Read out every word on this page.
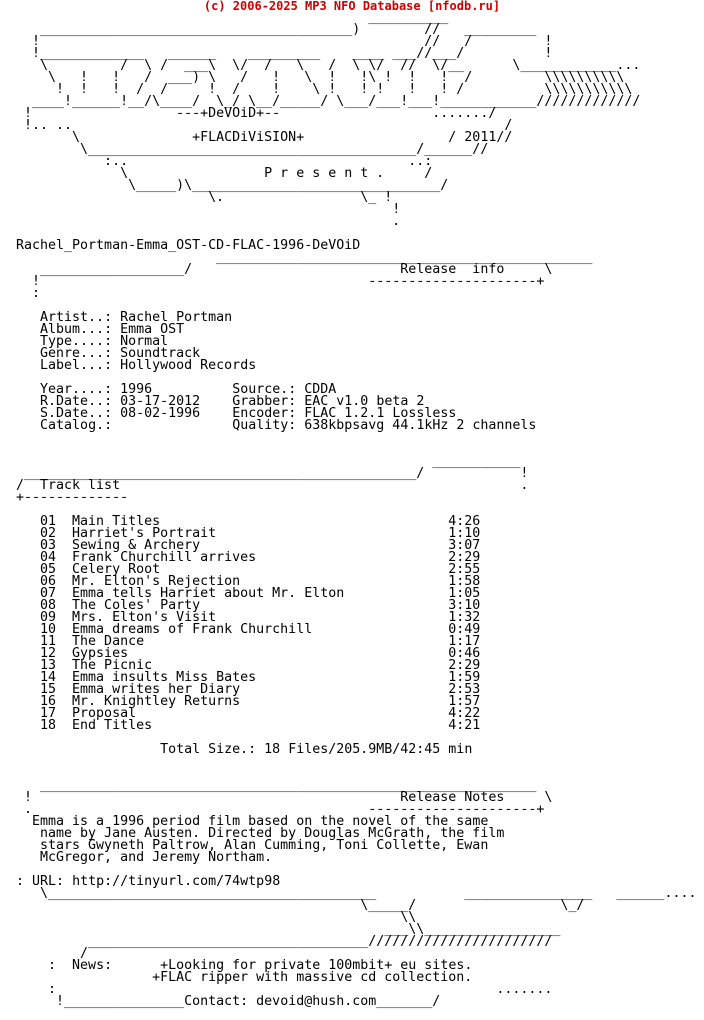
(c) 2006-2025 MP3 NFO Database [nfodb.ru]
__________
_______________________________________)        //   _________
!                                                //   /         !
!_____________   ______    _________    ____ ___//___/          !
\         /  \ /  ___\  \/  /   \   /  \ \/  //  \/__      \____________...
\   !   !   /  ___) \   /   !   \  !   !\ !  !   !  /         \\\\\\\\\\
!  !   !  /  /     !  /    !    \ !   ! !   !   ! /          \\\\\\\\\\\
____!______!__/\____/  \_/ \__/_____/ \___/___!___!____________/////////////
!                  ---+DeVOiD+--                   ......./
!.. ..                                                      /
\              +FLACDiViSION+                  / 2011//
\_________________________________________/______//
:..                                   ..:
\                 P r e s e n t .     /
\_____)\_______________________________/
\.                 \_ !
!
.

Rachel_Portman-Emma_OST-CD-FLAC-1996-DeVOiD
_______________________________________________
__________________/                          Release  info     \
!                                         ---------------------+
:

Artist..: Rachel Portman
Album...: Emma OST
Type....: Normal
Genre...: Soundtrack
Label...: Hollywood Records

Year....: 1996	Source.: CDDA
R.Date..: 03-17-2012 Grabber: EAC v1.0 beta 2
S.Date..: 08-02-1996 Encoder: FLAC 1.2.1 Lossless
Catalog.:	Quality: 638kbpsavg 44.1kHz 2 channels

___________
_________________________________________________/            !
/  Track list                                                  .
+-------------

01  Main Titles                                    4:26
02  Harriet's Portrait                             1:10
03  Sewing & Archery                               3:07
04  Frank Churchill arrives                        2:29
05  Celery Root                                    2:55
06  Mr. Elton's Rejection                          1:58
07  Emma tells Harriet about Mr. Elton             1:05
08  The Coles' Party                               3:10
09  Mrs. Elton's Visit                             1:32
10  Emma dreams of Frank Churchill                 0:49
11  The Dance                                      1:17
12  Gypsies                                        0:46
13  The Picnic                                     2:29
14  Emma insults Miss Bates                        1:59
15  Emma writes her Diary                          2:53
16  Mr. Knightley Returns                          1:57
17  Proposal                                       4:22
18  End Titles                                     4:21

Total Size.: 18 Files/205.9MB/42:45 min

______________________________________________________________
!                                              Release Notes     \
.                                          ---------------------+
Emma is a 1996 period film based on the novel of the same
name by Jane Austen. Directed by Douglas McGrath, the film
stars Gwyneth Paltrow, Alan Cumming, Toni Collette, Ewan
McGregor, and Jeremy Northam.

: URL: http://tinyurl.com/74wtp98
\_________________________________________           ________________   ______....
\_____/                  \_/
\\
___\\_________________
___________________________________///////////////////////
/
:  News:	+Looking for private 100mbit+ eu sites.
+FLAC ripper with massive cd collection.
:                                                       .......
!_______________Contact: devoid@hush.com_______/
